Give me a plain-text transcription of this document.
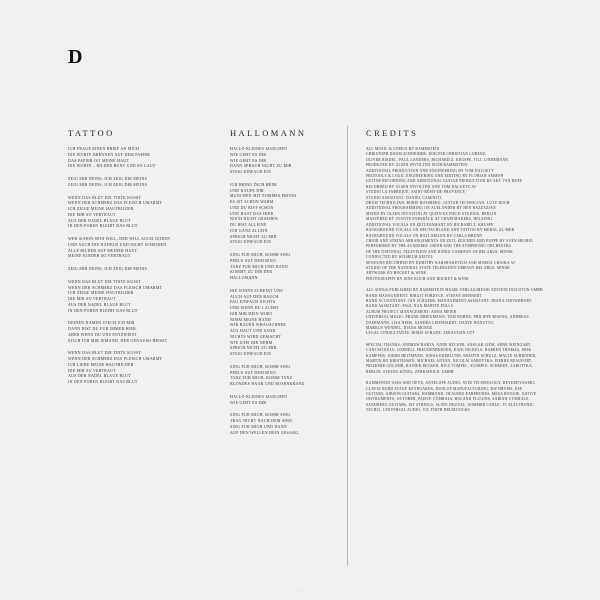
D
TATTOO
ICH FRAGE EINEN BRIEF AN MICH
DIE WORTE BRENNEN AUF DEM PAPIER
DAS PAPIER IST MEINE HAUT
DIE WORTE – BILDER BUNT UND SO LAUT
ZEIG MIR DEINS, ICH ZEIG DIR MEINS
ZEIG MIR DEINS, ICH ZEIG DIR MEINS
WENN DAS BLUT DIE TINTE KÜSST
WENN DER SCHMERZ DAS FLEISCH UMARMT
ICH ZEIGE MEINE HAUTBILDER
DIE MIR SO VERTRAUT
AUS DER NADEL BLAUE BLUT
IN DEN POREN BLEIBT DAS BLUT
WER SCHÖN SEIN WILL, DER WILL AUCH LEIDEN
UND AUCH DIE NADELN UND NICHT SCHEIDEN
ALLE BILDER AUF MEINER HAUT
MEINE KINDER SO VERTRAUT
ZEIG MIR DEINS, ICH ZEIG DIR MEINS
WENN DAS BLUT DIE TINTE KÜSST
WENN DER SCHMERZ DAS FLEISCH UMARMT
ICH ZEIGE MEINE HAUTBILDER
DIE MIR SO VERTRAUT
AUS DER NADEL BLAUE BLUT
IN DEN POREN BLEIBT DAS BLUT
DEINEN NAMEN STECH ICH MIR
DANN BIST DU FÜR IMMER HIER
ABER WENN DU UNS ENTZWEIST
STICH ICH MIR JEMAND, DER GENAUSO HEISST
WENN DAS BLUT DIE TINTE KÜSST
WENN DER SCHMERZ DAS FLEISCH UMARMT
ICH LIEBE MEINE HAUTBILDER
DIE MIR SO VERTRAUT
AUS DER NADEL BLAUE BLUT
IN DEN POREN BLEIBT DAS BLUT
HALLOMANN
HALLO KLEINES MÄDCHEN
WIE GEHT ES DIR
WIE GEHT ES DIR
DANN SPRACH NICHT ZU MIR
STEIG EINFACH EIN
ICH BRING DICH HEIM
UND KAUFE DIR
MÜNCHEN MIT POMMES FRITES
ES IST SCHON WARM
UND DU BIST SCHÖN
UND HAST DAS HIER
NOCH NICHT GESEHEN
DU BIST ALLEINE
ICH GANZ ALLEIN
SPRICH NICHT ZU MIR
STEIG EINFACH EIN
SING FÜR MICH, KOMM SING
PERLE AUF DEM RING
TANZ FÜR MICH UND DANN
KOMMT ZU DIR DER
HALLOMANN
DIE SONNE SCHEINT UNS
AUCH AUF DEN BAUCH
FAG EINFACH NICHTS
UND WENN DU LACHST
GIB MIR DEIN WORT
NIMM MEINE HAND
WIR BAUEN WHAUSCHNEE
AUS HAUT UND SAND
NICHTS WIRD GEMACHT
WIE ICHS DIR NEHM
SPRICH NICHT ZU MIR
STEIG EINFACH EIN
SING FÜR MICH, KOMM SING
PERLE AUF DEM RING
TANZ FÜR MICH, KOMM TANZ
BLONDES HAAR UND ROSENKRANZ
HALLO KLEINES MÄDCHEN
WIE GEHT ES DIR
SING FÜR MICH, KOMM SING
TRAG NICHT NACH DEM SINN
SING FÜR MICH UND DANN
AUF DEN WELLEN DEIN GESANG
CREDITS
ALL MUSIC & LYRICS BY RAMMSTEIN
CHRISTOPH DOOM SCHNEIDER, DOKTOR CHRISTIAN LORENZ,
OLIVER RIEDEL, PAUL LANDERS, RICHARD Z. KRUSPE, TILL LINDEMANN
PRODUCED BY OLSEN INVOLTINI WITH RAMMSTEIN
ADDITIONAL PRODUCTION AND ENGINEERING BY TOM DALGETY
PROTOOLS & LOGIC ENGINEERING AND EDITING BY FLORIAN AMMON
GUITAR RECORDING AND ADDITIONAL GUITAR PRODUCTION BY SKY VAN HOFF
RECORDED BY OLSEN INVOLTINI AND TOM DALGETY AT
STUDIO LA FABRIQUE, SAINT-RÉMY-DE-PROVENCE
STUDIO ASSISTANT: DANIEL CAMINITI
DRUM TECHNICIAN: BORIS ROSSBERG, GUITAR TECHNICIAN: LUTZ ROCH
ADDITIONAL PROGRAMMING ON AUSLÄNDER BY BEN BAZZAZIAN
MIXED BY OLSEN INVOLTINI AT QUIEN ES FIELD STUDIOS, BERLIN
MASTERED BY SVANTE FORSBÄCK AT CHARTMAKERS, HELSINKI
ADDITIONAL VOCALS ON ZEIT/DIAMANT BY RICHARD Z. KRUSPE
BACKGROUND VOCALS ON DEUTSCHLAND AND TATTOO BY MERAL AL-MER
BACKGROUND VOCALS ON HALLOMANN BY CARLA BRUNN
CHOIR AND STRING ARRANGEMENTS ON ZEIT, ZEICHEN AND PUPPE BY SVEN HELBIG
PERFORMED BY THE ACADEMIC CHOIR AND THE SYMPHONIC ORCHESTRA
OF THE NATIONAL TELEVISION AND RADIO COMPANY OF BELARUS, MINSK
CONDUCTED BY WILHELM KEITEL
SESSIONS RECORDED BY DZMITRY KARSHAKEVICH AND MARIIA CHAIKA AT
STUDIO OF THE NATIONAL STATE TELERADIOCOMPANY BELARUS, MINSK
ARTWORK BY ROCKET & WINK
PHOTOGRAPHY BY JENS KOCH AND ROCKET & WINK
ALL SONGS PUBLISHED BY RAMMSTEIN MUSIK VERLAG/MUSIK EDITION DISCOTON GMBH
BAND MANAGEMENT: BIRGIT FORDYCE, STEFAN MEHNERT
BAND ACCOUNTANT: JAN SCHAFER, MANAGEMENT ASSISTANT: DIANA CHOWDHURY
BAND ASSISTANT: PAUL NAN MARTIN POLLS
ALBUM PROJECT MANAGEMENT: ANNA MEIER
UNIVERSAL MUSIC: FRANK BRIEGMANN, TOM BOHNE, PHILIPPE ROSING, ANDREAS
DAERMANN, LISA NEHS, SANDRA LEHNHARDT, DANTE BONUTTO,
MARKUS WENDEL, DIANA MUNOZ
LEGAL CONSULTANTS: BORIS SCHADE, SEBASTIAN OTT
SPECIAL THANKS: ANDREW BARTA, ANNE BECKER, ANSGAR LIEM, ARNE WEINGART,
CANI NICKELS, CORNELL FREUDENBERGER, DANI NICKELS, DARREN THOMAS, ERIK
KAMPFER, JOERN HEITMANN, JONAS EKERLUND, KRISTIN SCHULZ, MALTE SCHRÖDER,
MARTIN BO KRISTENSEN, MICHAEL ANTON, NICOLAI SABOTTKA, PIERRE BEAUFORT,
PRIZEMIR GÖLOMB, RAINER BECKER, RICO TOMPEL, SCORPIO, SCHMIDT, SABOTTKA,
BERLIN, STEFAN KÖNIG, ZEBRAHOLD, GMBH
RAMMSTEIN USES AND NEVE, ANTELOPE AUDIO, AVID TECHNOLOGY, BEYERDYNAMIC,
CLAVIA NORD STAGE KEYBOARDS, DUNLOP MANUFACTURING, DW DRUMS, ESP
GUITARS, GIBSON GUITARS, HAMMOND, JH AUDIO EARPHONES, MESA BOOGIE, NATIVE
INSTRUMENTS, OCTOBER, PAISTE CYMBALS, ROLAND PLUGINS, SABIAN CYMBALS,
SANDBERG GUITARS, SIT STRINGS, SLATE DIGITAL, SOMMER CABLE, TC ELECTRONIC,
TECH21, UNIVERSAL AUDIO, VIC FIRTH DRUMSTICKS
3
